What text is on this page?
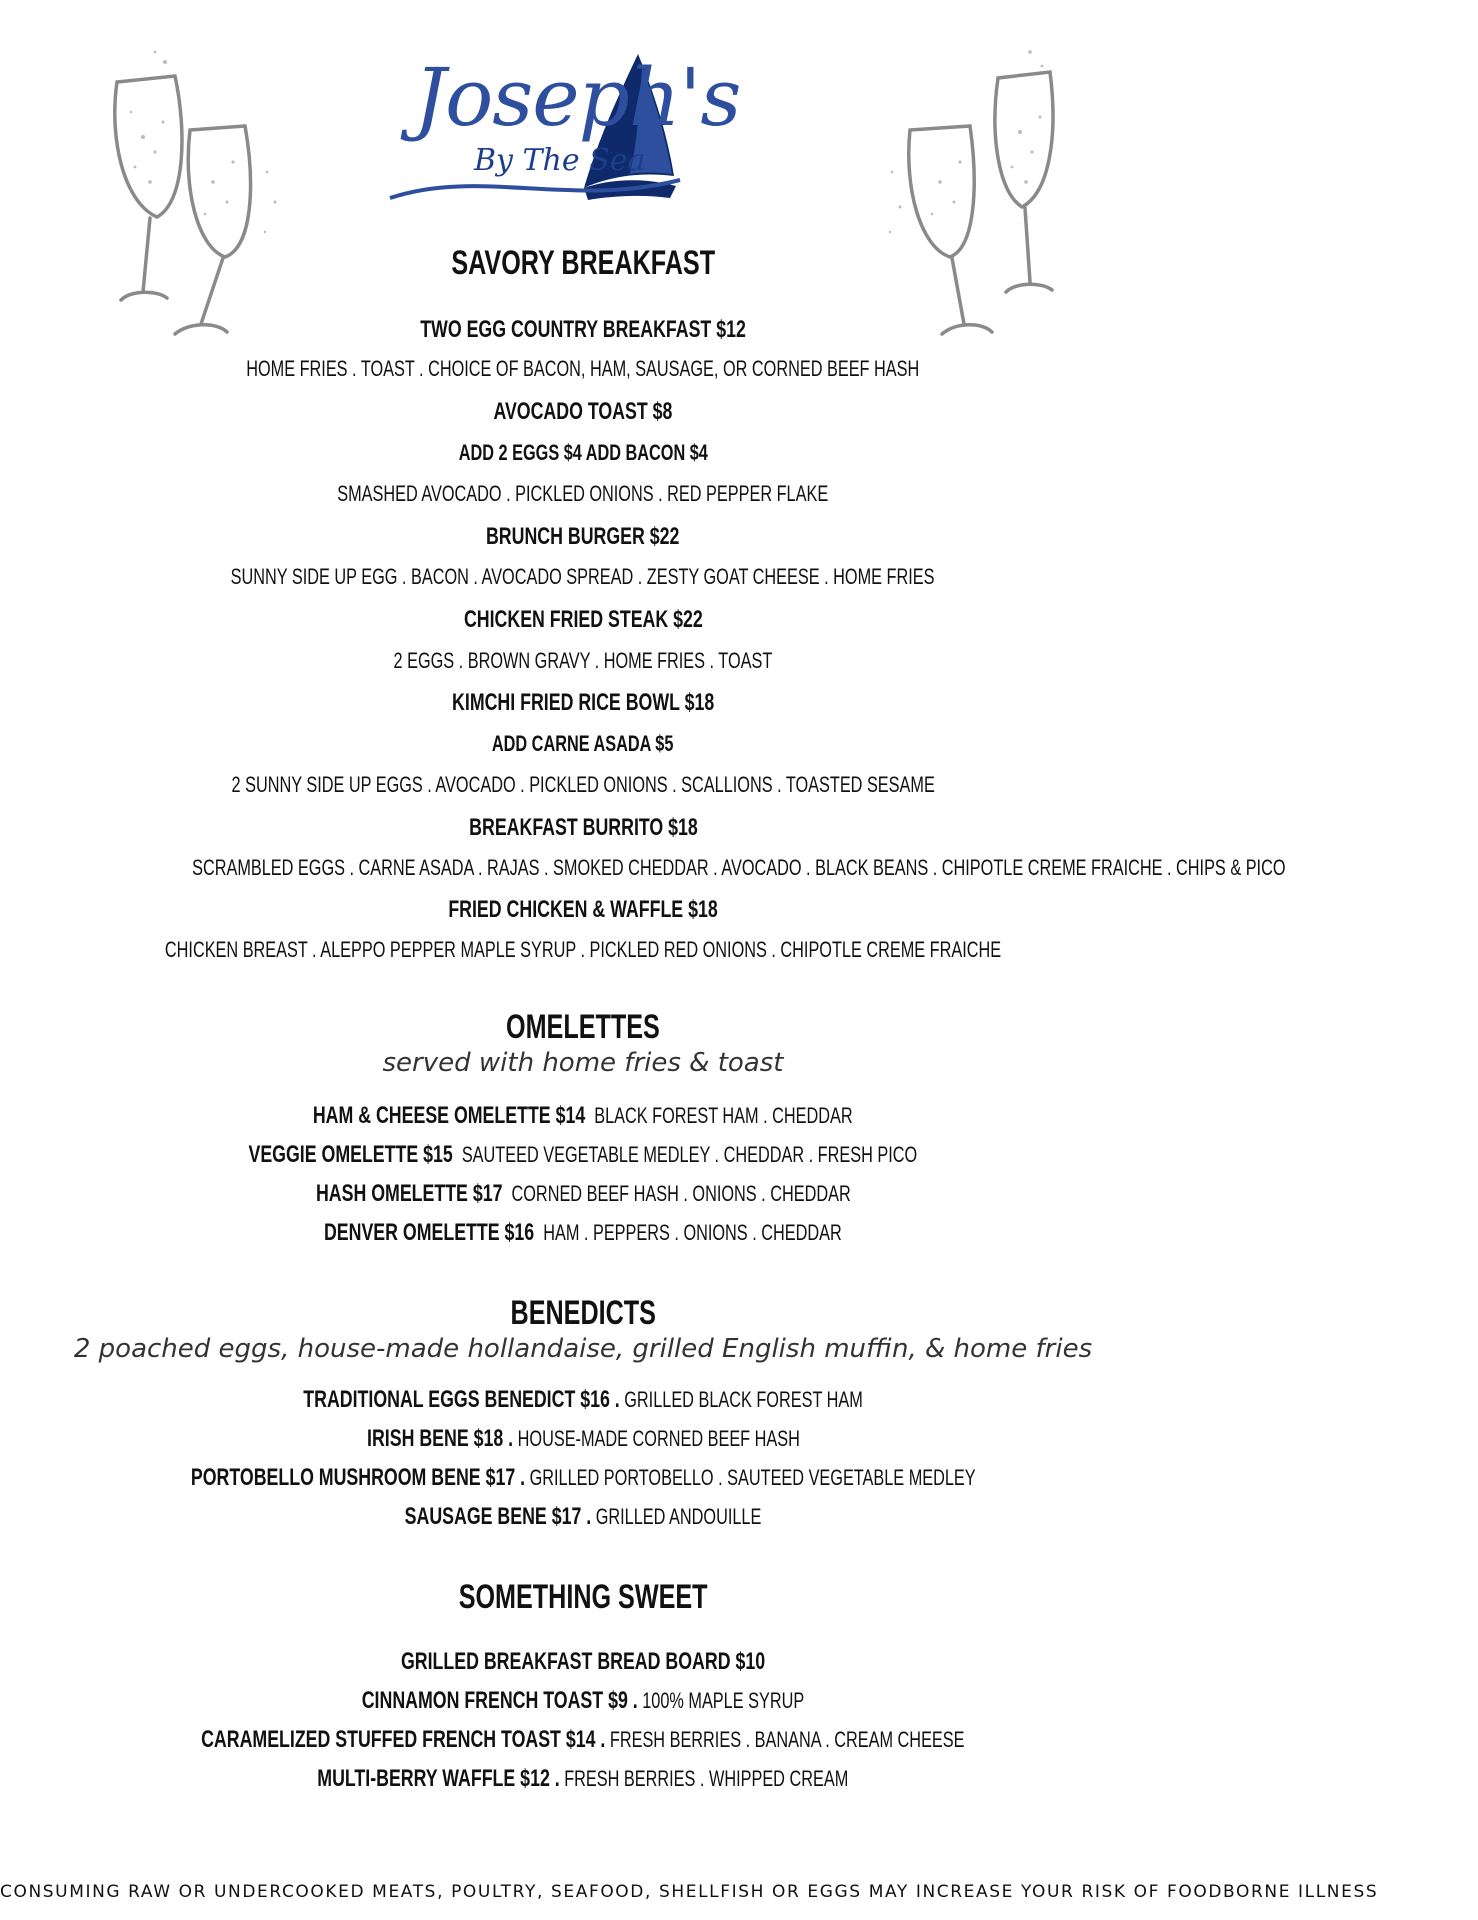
Joseph's
By The Sea
SAVORY BREAKFAST
TWO EGG COUNTRY BREAKFAST $12
HOME FRIES . TOAST . CHOICE OF BACON, HAM, SAUSAGE, OR CORNED BEEF HASH
AVOCADO TOAST $8
ADD 2 EGGS $4 ADD BACON $4
SMASHED AVOCADO . PICKLED ONIONS . RED PEPPER FLAKE
BRUNCH BURGER $22
SUNNY SIDE UP EGG . BACON . AVOCADO SPREAD . ZESTY GOAT CHEESE . HOME FRIES
CHICKEN FRIED STEAK $22
2 EGGS . BROWN GRAVY . HOME FRIES . TOAST
KIMCHI FRIED RICE BOWL $18
ADD CARNE ASADA $5
2 SUNNY SIDE UP EGGS . AVOCADO . PICKLED ONIONS . SCALLIONS . TOASTED SESAME
BREAKFAST BURRITO $18
SCRAMBLED EGGS . CARNE ASADA . RAJAS . SMOKED CHEDDAR . AVOCADO . BLACK BEANS . CHIPOTLE CREME FRAICHE . CHIPS & PICO
FRIED CHICKEN & WAFFLE $18
CHICKEN BREAST . ALEPPO PEPPER MAPLE SYRUP . PICKLED RED ONIONS . CHIPOTLE CREME FRAICHE
OMELETTES
served with home fries & toast
HAM & CHEESE OMELETTE $14 BLACK FOREST HAM . CHEDDAR
VEGGIE OMELETTE $15 SAUTEED VEGETABLE MEDLEY . CHEDDAR . FRESH PICO
HASH OMELETTE $17 CORNED BEEF HASH . ONIONS . CHEDDAR
DENVER OMELETTE $16 HAM . PEPPERS . ONIONS . CHEDDAR
BENEDICTS
2 poached eggs, house-made hollandaise, grilled English muffin, & home fries
TRADITIONAL EGGS BENEDICT $16 . GRILLED BLACK FOREST HAM
IRISH BENE $18 . HOUSE-MADE CORNED BEEF HASH
PORTOBELLO MUSHROOM BENE $17 . GRILLED PORTOBELLO . SAUTEED VEGETABLE MEDLEY
SAUSAGE BENE $17 . GRILLED ANDOUILLE
SOMETHING SWEET
GRILLED BREAKFAST BREAD BOARD $10
CINNAMON FRENCH TOAST $9 . 100% MAPLE SYRUP
CARAMELIZED STUFFED FRENCH TOAST $14 . FRESH BERRIES . BANANA . CREAM CHEESE
MULTI-BERRY WAFFLE $12 . FRESH BERRIES . WHIPPED CREAM
CONSUMING RAW OR UNDERCOOKED MEATS, POULTRY, SEAFOOD, SHELLFISH OR EGGS MAY INCREASE YOUR RISK OF FOODBORNE ILLNESS
